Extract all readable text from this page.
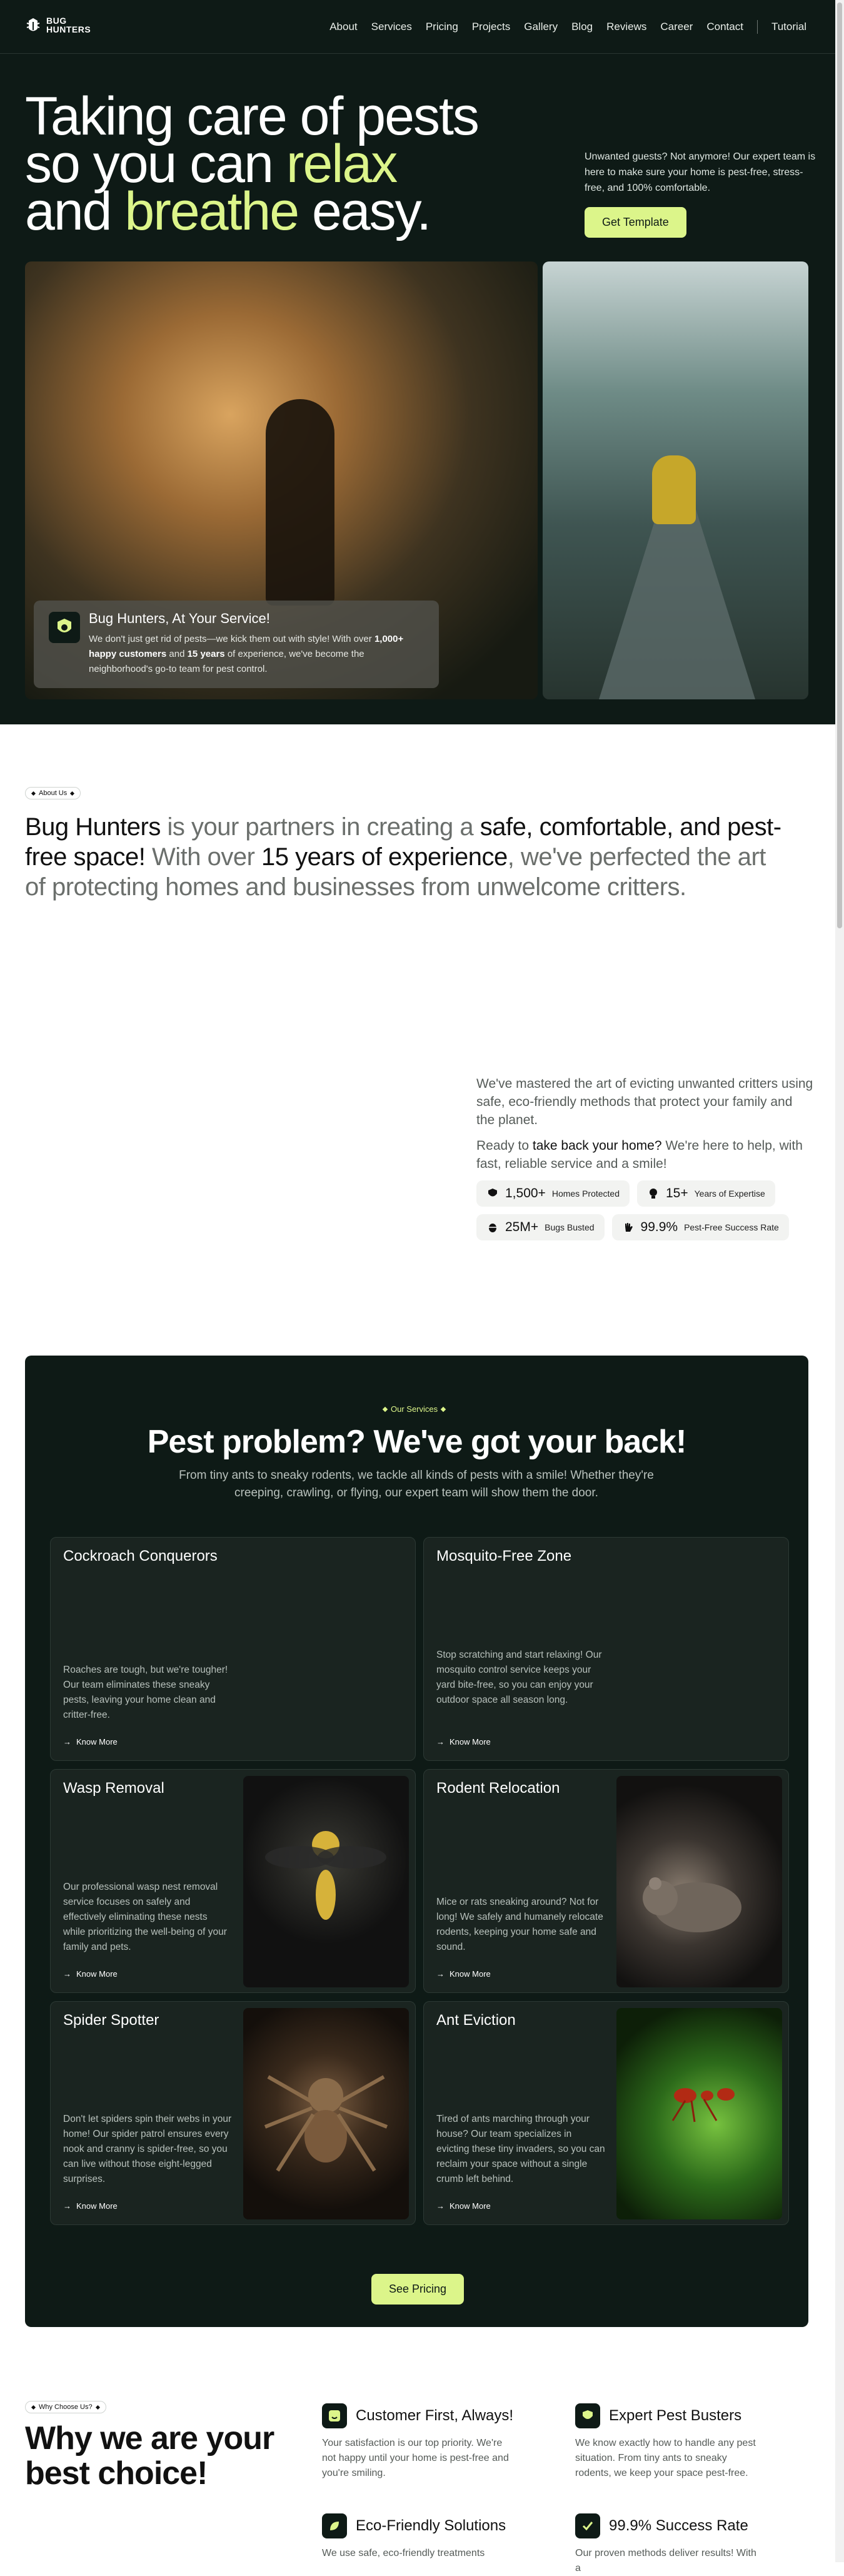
BUG
HUNTERS	About Services Pricing Projects Gallery Blog Reviews Career Contact	Tutorial
Taking care of pests
so you can relax
and breathe easy.

Unwanted guests? Not anymore! Our expert team is here to make sure your home is pest-free, stress-free, and 100% comfortable.

Get Template
Bug Hunters, At Your Service!

We don't just get rid of pests—we kick them out with style! With over 1,000+ happy customers and 15 years of experience, we've become the neighborhood's go-to team for pest control.

About Us

Bug Hunters is your partners in creating a safe, comfortable, and pest-free space! With over 15 years of experience, we've perfected the art of protecting homes and businesses from unwelcome critters.

We've mastered the art of evicting unwanted critters using safe, eco-friendly methods that protect your family and the planet.

Ready to take back your home? We're here to help, with fast, reliable service and a smile!

1,500+ Homes Protected	15+ Years of Expertise
25M+ Bugs Busted	99.9% Pest-Free Success Rate
Our Services
Pest problem? We've got your back!

From tiny ants to sneaky rodents, we tackle all kinds of pests with a smile! Whether they're creeping, crawling, or flying, our expert team will show them the door.

Cockroach Conquerors

Roaches are tough, but we're tougher! Our team eliminates these sneaky pests, leaving your home clean and critter-free.

→ Know More
Mosquito-Free Zone

Stop scratching and start relaxing! Our mosquito control service keeps your yard bite-free, so you can enjoy your outdoor space all season long.

→ Know More
Wasp Removal

Our professional wasp nest removal service focuses on safely and effectively eliminating these nests while prioritizing the well-being of your family and pets.

→ Know More
Rodent Relocation

Mice or rats sneaking around? Not for long! We safely and humanely relocate rodents, keeping your home safe and sound.

→ Know More
Spider Spotter

Don't let spiders spin their webs in your home! Our spider patrol ensures every nook and cranny is spider-free, so you can live without those eight-legged surprises.

→ Know More
Ant Eviction

Tired of ants marching through your house? Our team specializes in evicting these tiny invaders, so you can reclaim your space without a single crumb left behind.

→ Know More
See Pricing
Why Choose Us?
Why we are your best choice!
Customer First, Always!

Your satisfaction is our top priority. We're not happy until your home is pest-free and you're smiling.

Expert Pest Busters

We know exactly how to handle any pest situation. From tiny ants to sneaky rodents, we keep your space pest-free.

Eco-Friendly Solutions

We use safe, eco-friendly treatments

99.9% Success Rate

Our proven methods deliver results! With a
